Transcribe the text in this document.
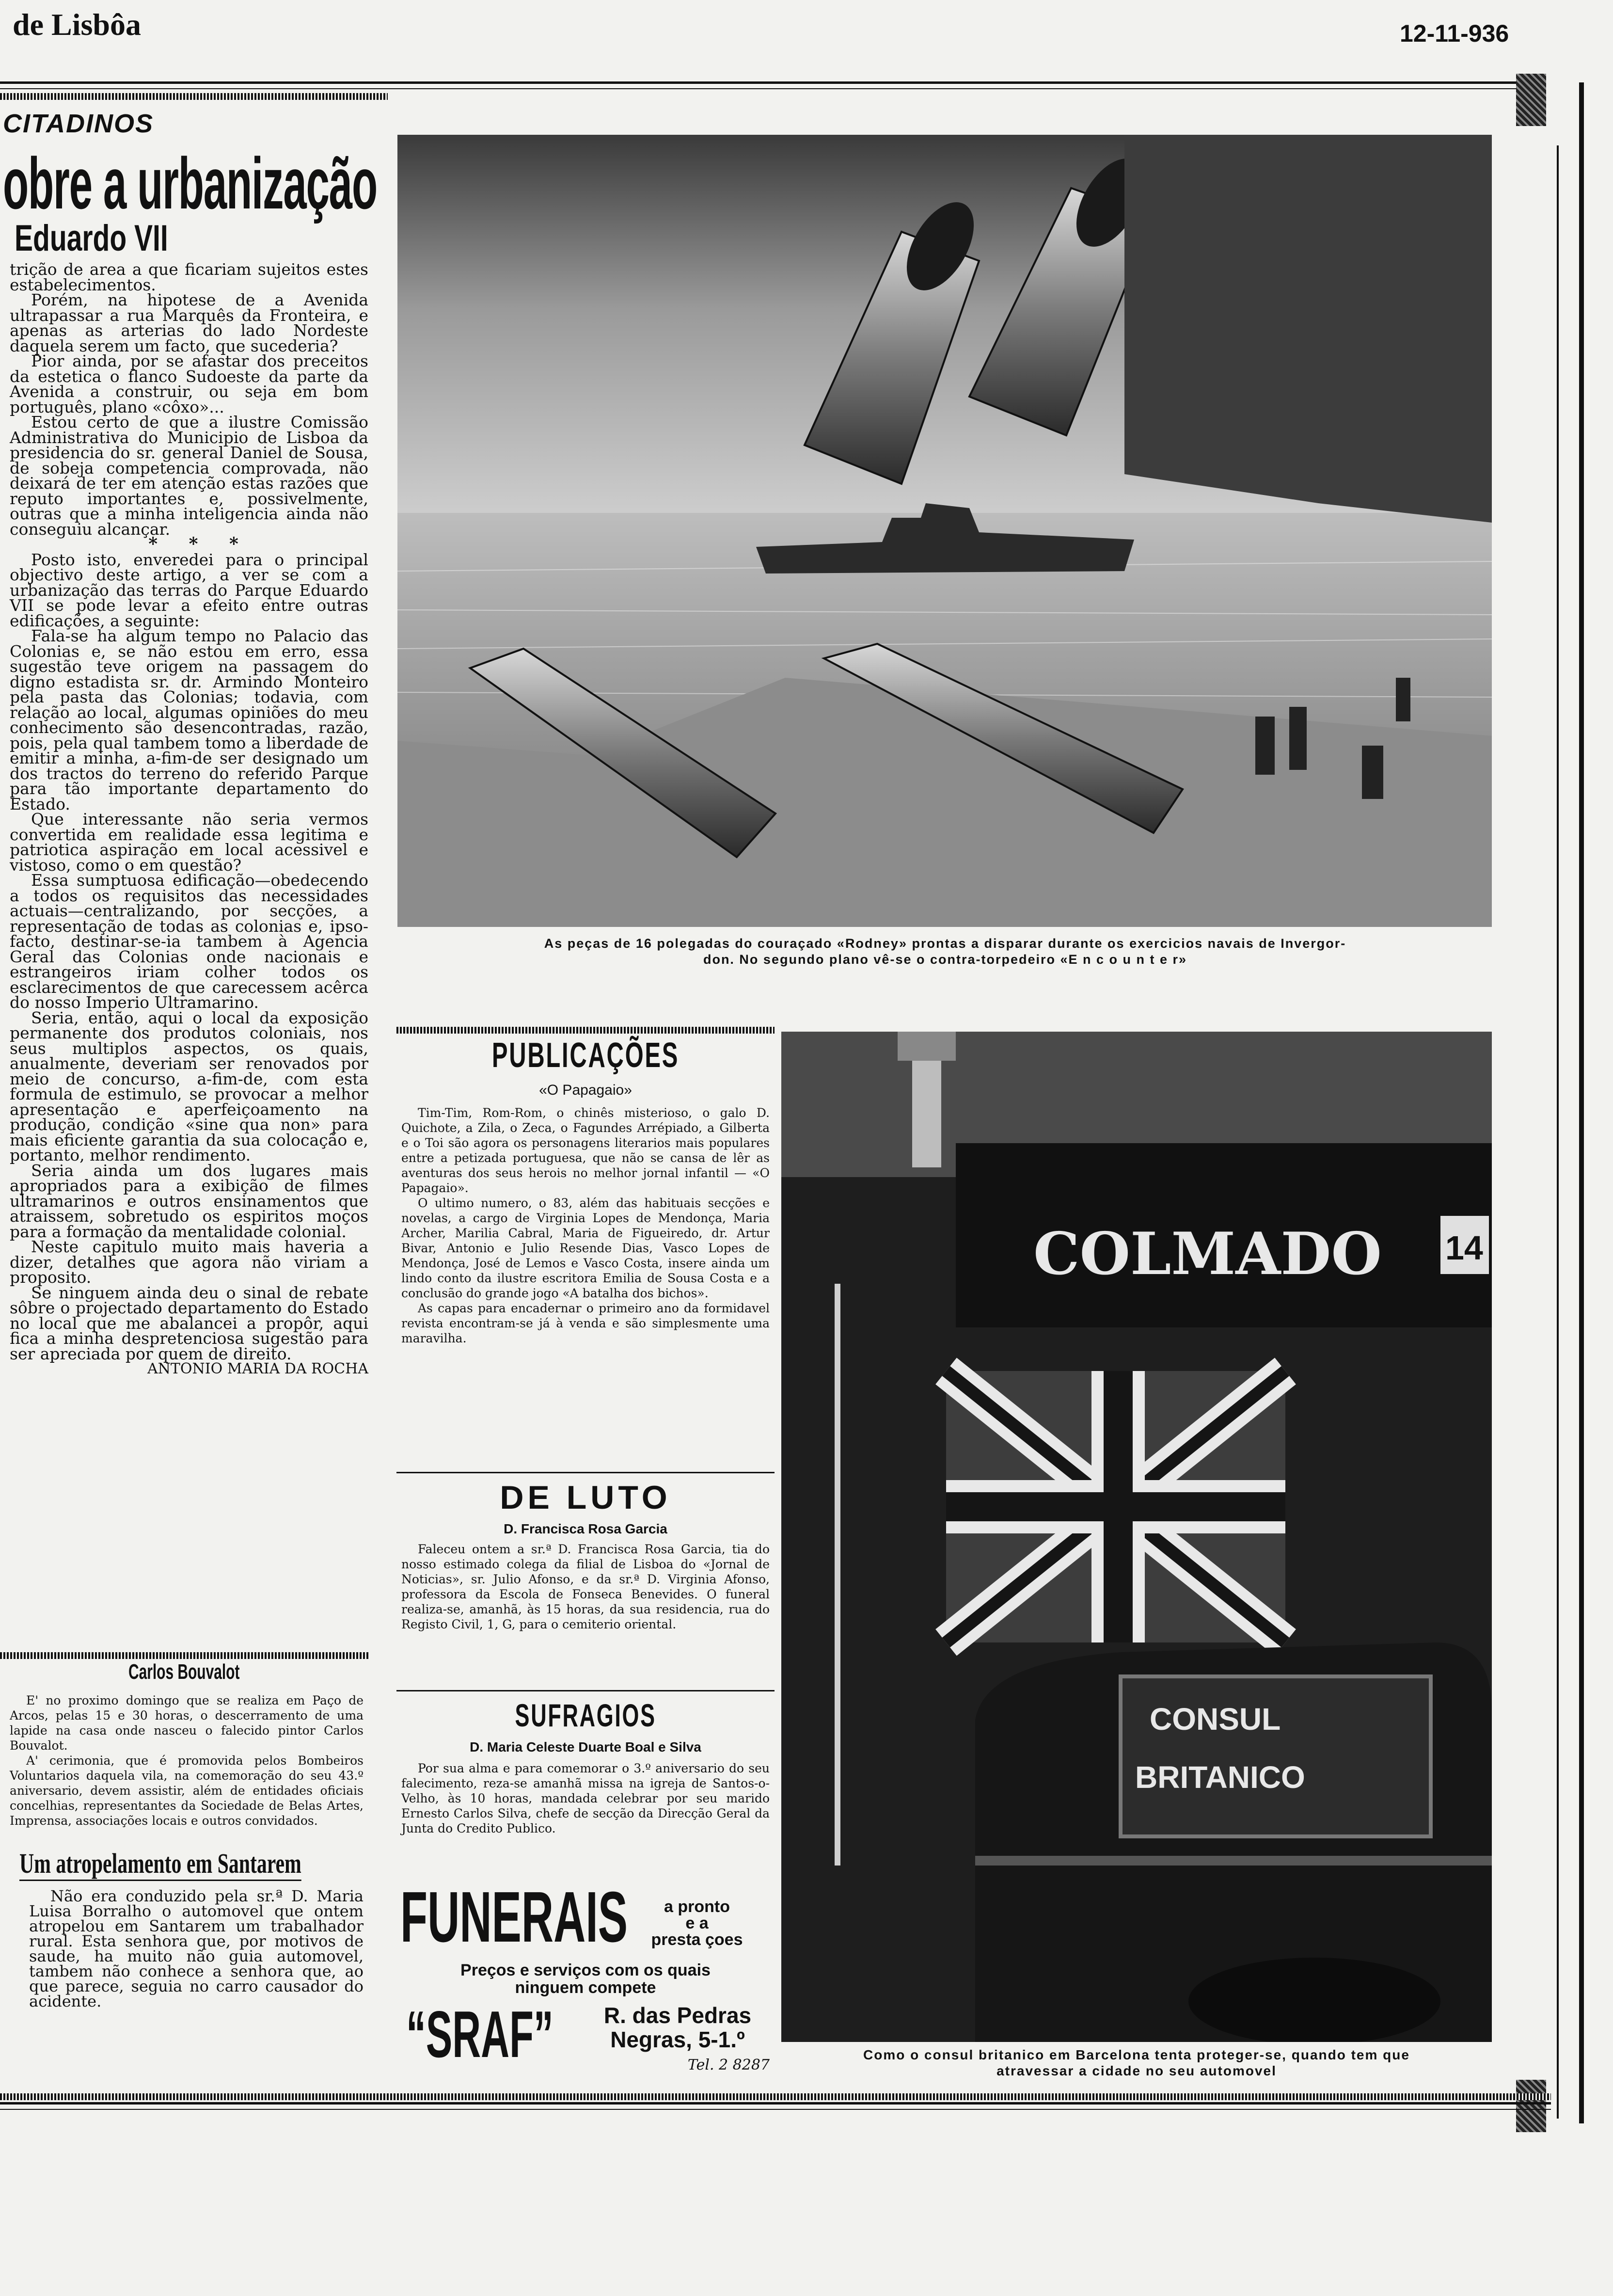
de Lisbôa	12-11-936
CITADINOS
obre a urbanização
Eduardo VII

trição de area a que ficariam sujeitos estes estabelecimentos.

Porém, na hipotese de a Avenida ultrapassar a rua Marquês da Fronteira, e apenas as arterias do lado Nordeste daquela serem um facto, que sucederia?

Pior ainda, por se afastar dos preceitos da estetica o flanco Sudoeste da parte da Avenida a construir, ou seja em bom português, plano «côxo»...

Estou certo de que a ilustre Comissão Administrativa do Municipio de Lisboa da presidencia do sr. general Daniel de Sousa, de sobeja competencia comprovada, não deixará de ter em atenção estas razões que reputo importantes e, possivelmente, outras que a minha inteligencia ainda não conseguiu alcançar.

* * *

Posto isto, enveredei para o principal objectivo deste artigo, a ver se com a urbanização das terras do Parque Eduardo VII se pode levar a efeito entre outras edificações, a seguinte:

Fala-se ha algum tempo no Palacio das Colonias e, se não estou em erro, essa sugestão teve origem na passagem do digno estadista sr. dr. Armindo Monteiro pela pasta das Colonias; todavia, com relação ao local, algumas opiniões do meu conhecimento são desencontradas, razão, pois, pela qual tambem tomo a liberdade de emitir a minha, a-fim-de ser designado um dos tractos do terreno do referido Parque para tão importante departamento do Estado.

Que interessante não seria vermos convertida em realidade essa legitima e patriotica aspiração em local acessivel e vistoso, como o em questão?

Essa sumptuosa edificação—obedecendo a todos os requisitos das necessidades actuais—centralizando, por secções, a representação de todas as colonias e, ipso-facto, destinar-se-ia tambem à Agencia Geral das Colonias onde nacionais e estrangeiros iriam colher todos os esclarecimentos de que carecessem acêrca do nosso Imperio Ultramarino.

Seria, então, aqui o local da exposição permanente dos produtos coloniais, nos seus multiplos aspectos, os quais, anualmente, deveriam ser renovados por meio de concurso, a-fim-de, com esta formula de estimulo, se provocar a melhor apresentação e aperfeiçoamento na produção, condição «sine qua non» para mais eficiente garantia da sua colocação e, portanto, melhor rendimento.

Seria ainda um dos lugares mais apropriados para a exibição de filmes ultramarinos e outros ensinamentos que atraissem, sobretudo os espiritos moços para a formação da mentalidade colonial.

Neste capitulo muito mais haveria a dizer, detalhes que agora não viriam a proposito.

Se ninguem ainda deu o sinal de rebate sôbre o projectado departamento do Estado no local que me abalancei a propôr, aqui fica a minha despretenciosa sugestão para ser apreciada por quem de direito.

ANTONIO MARIA DA ROCHA

Carlos Bouvalot

E' no proximo domingo que se realiza em Paço de Arcos, pelas 15 e 30 horas, o descerramento de uma lapide na casa onde nasceu o falecido pintor Carlos Bouvalot.

A' cerimonia, que é promovida pelos Bombeiros Voluntarios daquela vila, na comemoração do seu 43.º aniversario, devem assistir, além de entidades oficiais concelhias, representantes da Sociedade de Belas Artes, Imprensa, associações locais e outros convidados.

Um atropelamento em Santarem

Não era conduzido pela sr.ª D. Maria Luisa Borralho o automovel que ontem atropelou em Santarem um trabalhador rural. Esta senhora que, por motivos de saude, ha muito não guia automovel, tambem não conhece a senhora que, ao que parece, seguia no carro causador do acidente.

As peças de 16 polegadas do couraçado «Rodney» prontas a disparar durante os exercicios navais de Invergor-
don. No segundo plano vê-se o contra-torpedeiro «E n c o u n t e r»
PUBLICAÇÕES
«O Papagaio»

Tim-Tim, Rom-Rom, o chinês misterioso, o galo D. Quichote, a Zila, o Zeca, o Fagundes Arrépiado, a Gilberta e o Toi são agora os personagens literarios mais populares entre a petizada portuguesa, que não se cansa de lêr as aventuras dos seus herois no melhor jornal infantil — «O Papagaio».

O ultimo numero, o 83, além das habituais secções e novelas, a cargo de Virginia Lopes de Mendonça, Maria Archer, Marilia Cabral, Maria de Figueiredo, dr. Artur Bivar, Antonio e Julio Resende Dias, Vasco Lopes de Mendonça, José de Lemos e Vasco Costa, insere ainda um lindo conto da ilustre escritora Emilia de Sousa Costa e a conclusão do grande jogo «A batalha dos bichos».

As capas para encadernar o primeiro ano da formidavel revista encontram-se já à venda e são simplesmente uma maravilha.

DE LUTO
D. Francisca Rosa Garcia

Faleceu ontem a sr.ª D. Francisca Rosa Garcia, tia do nosso estimado colega da filial de Lisboa do «Jornal de Noticias», sr. Julio Afonso, e da sr.ª D. Virginia Afonso, professora da Escola de Fonseca Benevides. O funeral realiza-se, amanhã, às 15 horas, da sua residencia, rua do Registo Civil, 1, G, para o cemiterio oriental.

SUFRAGIOS
D. Maria Celeste Duarte Boal e Silva

Por sua alma e para comemorar o 3.º aniversario do seu falecimento, reza-se amanhã missa na igreja de Santos-o-Velho, às 10 horas, mandada celebrar por seu marido Ernesto Carlos Silva, chefe de secção da Direcção Geral da Junta do Credito Publico.

FUNERAIS	a pronto
e a
presta çoes
Preços e serviços com os quais
ninguem compete
“SRAF”	R. das Pedras
Negras, 5-1.º
Tel. 2 8287
COLMADO 14
CONSUL
BRITANICO
Como o consul britanico em Barcelona tenta proteger-se, quando tem que
atravessar a cidade no seu automovel
